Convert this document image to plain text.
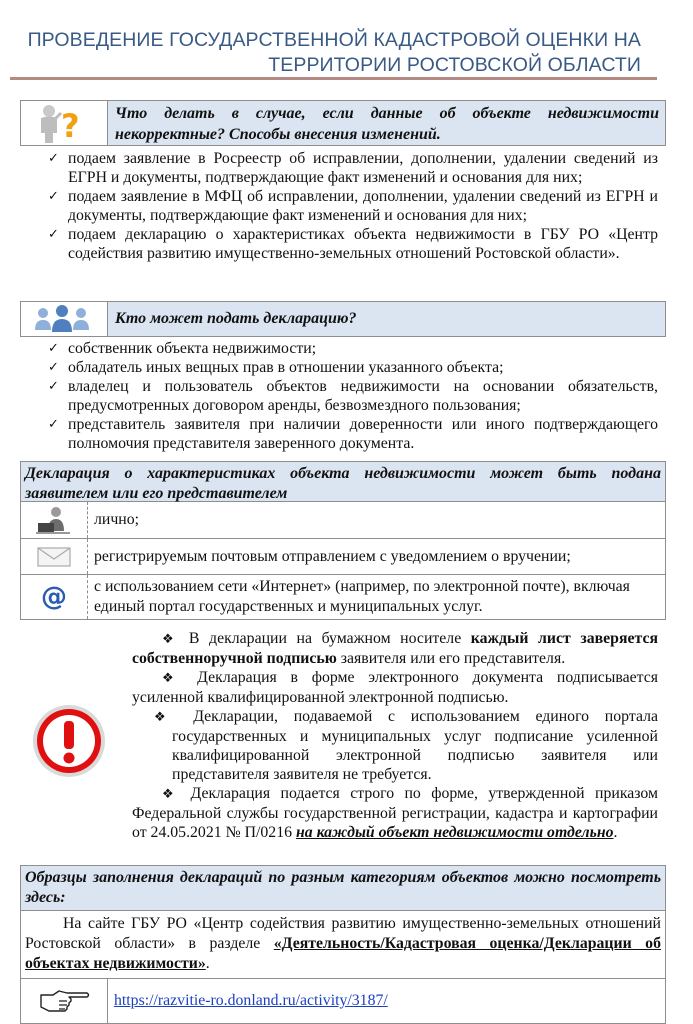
ПРОВЕДЕНИЕ ГОСУДАРСТВЕННОЙ КАДАСТРОВОЙ ОЦЕНКИ НА
ТЕРРИТОРИИ РОСТОВСКОЙ ОБЛАСТИ
? Что делать в случае, если данные об объекте недвижимости некорректные? Способы внесения изменений.
✓ подаем заявление в Росреестр об исправлении, дополнении, удалении сведений из ЕГРН и документы, подтверждающие факт изменений и основания для них;
✓ подаем заявление в МФЦ об исправлении, дополнении, удалении сведений из ЕГРН и документы, подтверждающие факт изменений и основания для них;
✓ подаем декларацию о характеристиках объекта недвижимости в ГБУ РО «Центр содействия развитию имущественно-земельных отношений Ростовской области».
Кто может подать декларацию?
✓ собственник объекта недвижимости;
✓ обладатель иных вещных прав в отношении указанного объекта;
✓ владелец и пользователь объектов недвижимости на основании обязательств, предусмотренных договором аренды, безвозмездного пользования;
✓ представитель заявителя при наличии доверенности или иного подтверждающего полномочия представителя заверенного документа.
Декларация о характеристиках объекта недвижимости может быть подана заявителем или его представителем
лично;
регистрируемым почтовым отправлением с уведомлением о вручении;
@	с использованием сети «Интернет» (например, по электронной почте), включая единый портал государственных и муниципальных услуг.

❖ В декларации на бумажном носителе каждый лист заверяется собственноручной подписью заявителя или его представителя.

❖ Декларация в форме электронного документа подписывается усиленной квалифицированной электронной подписью.

❖ Декларации, подаваемой с использованием единого портала государственных и муниципальных услуг подписание усиленной квалифицированной электронной подписью заявителя или представителя заявителя не требуется.

❖ Декларация подается строго по форме, утвержденной приказом Федеральной службы государственной регистрации, кадастра и картографии от 24.05.2021 № П/0216 на каждый объект недвижимости отдельно.

Образцы заполнения деклараций по разным категориям объектов можно посмотреть здесь:
На сайте ГБУ РО «Центр содействия развитию имущественно-земельных отношений Ростовской области» в разделе «Деятельность/Кадастровая оценка/Декларации об объектах недвижимости».
https://razvitie-ro.donland.ru/activity/3187/
